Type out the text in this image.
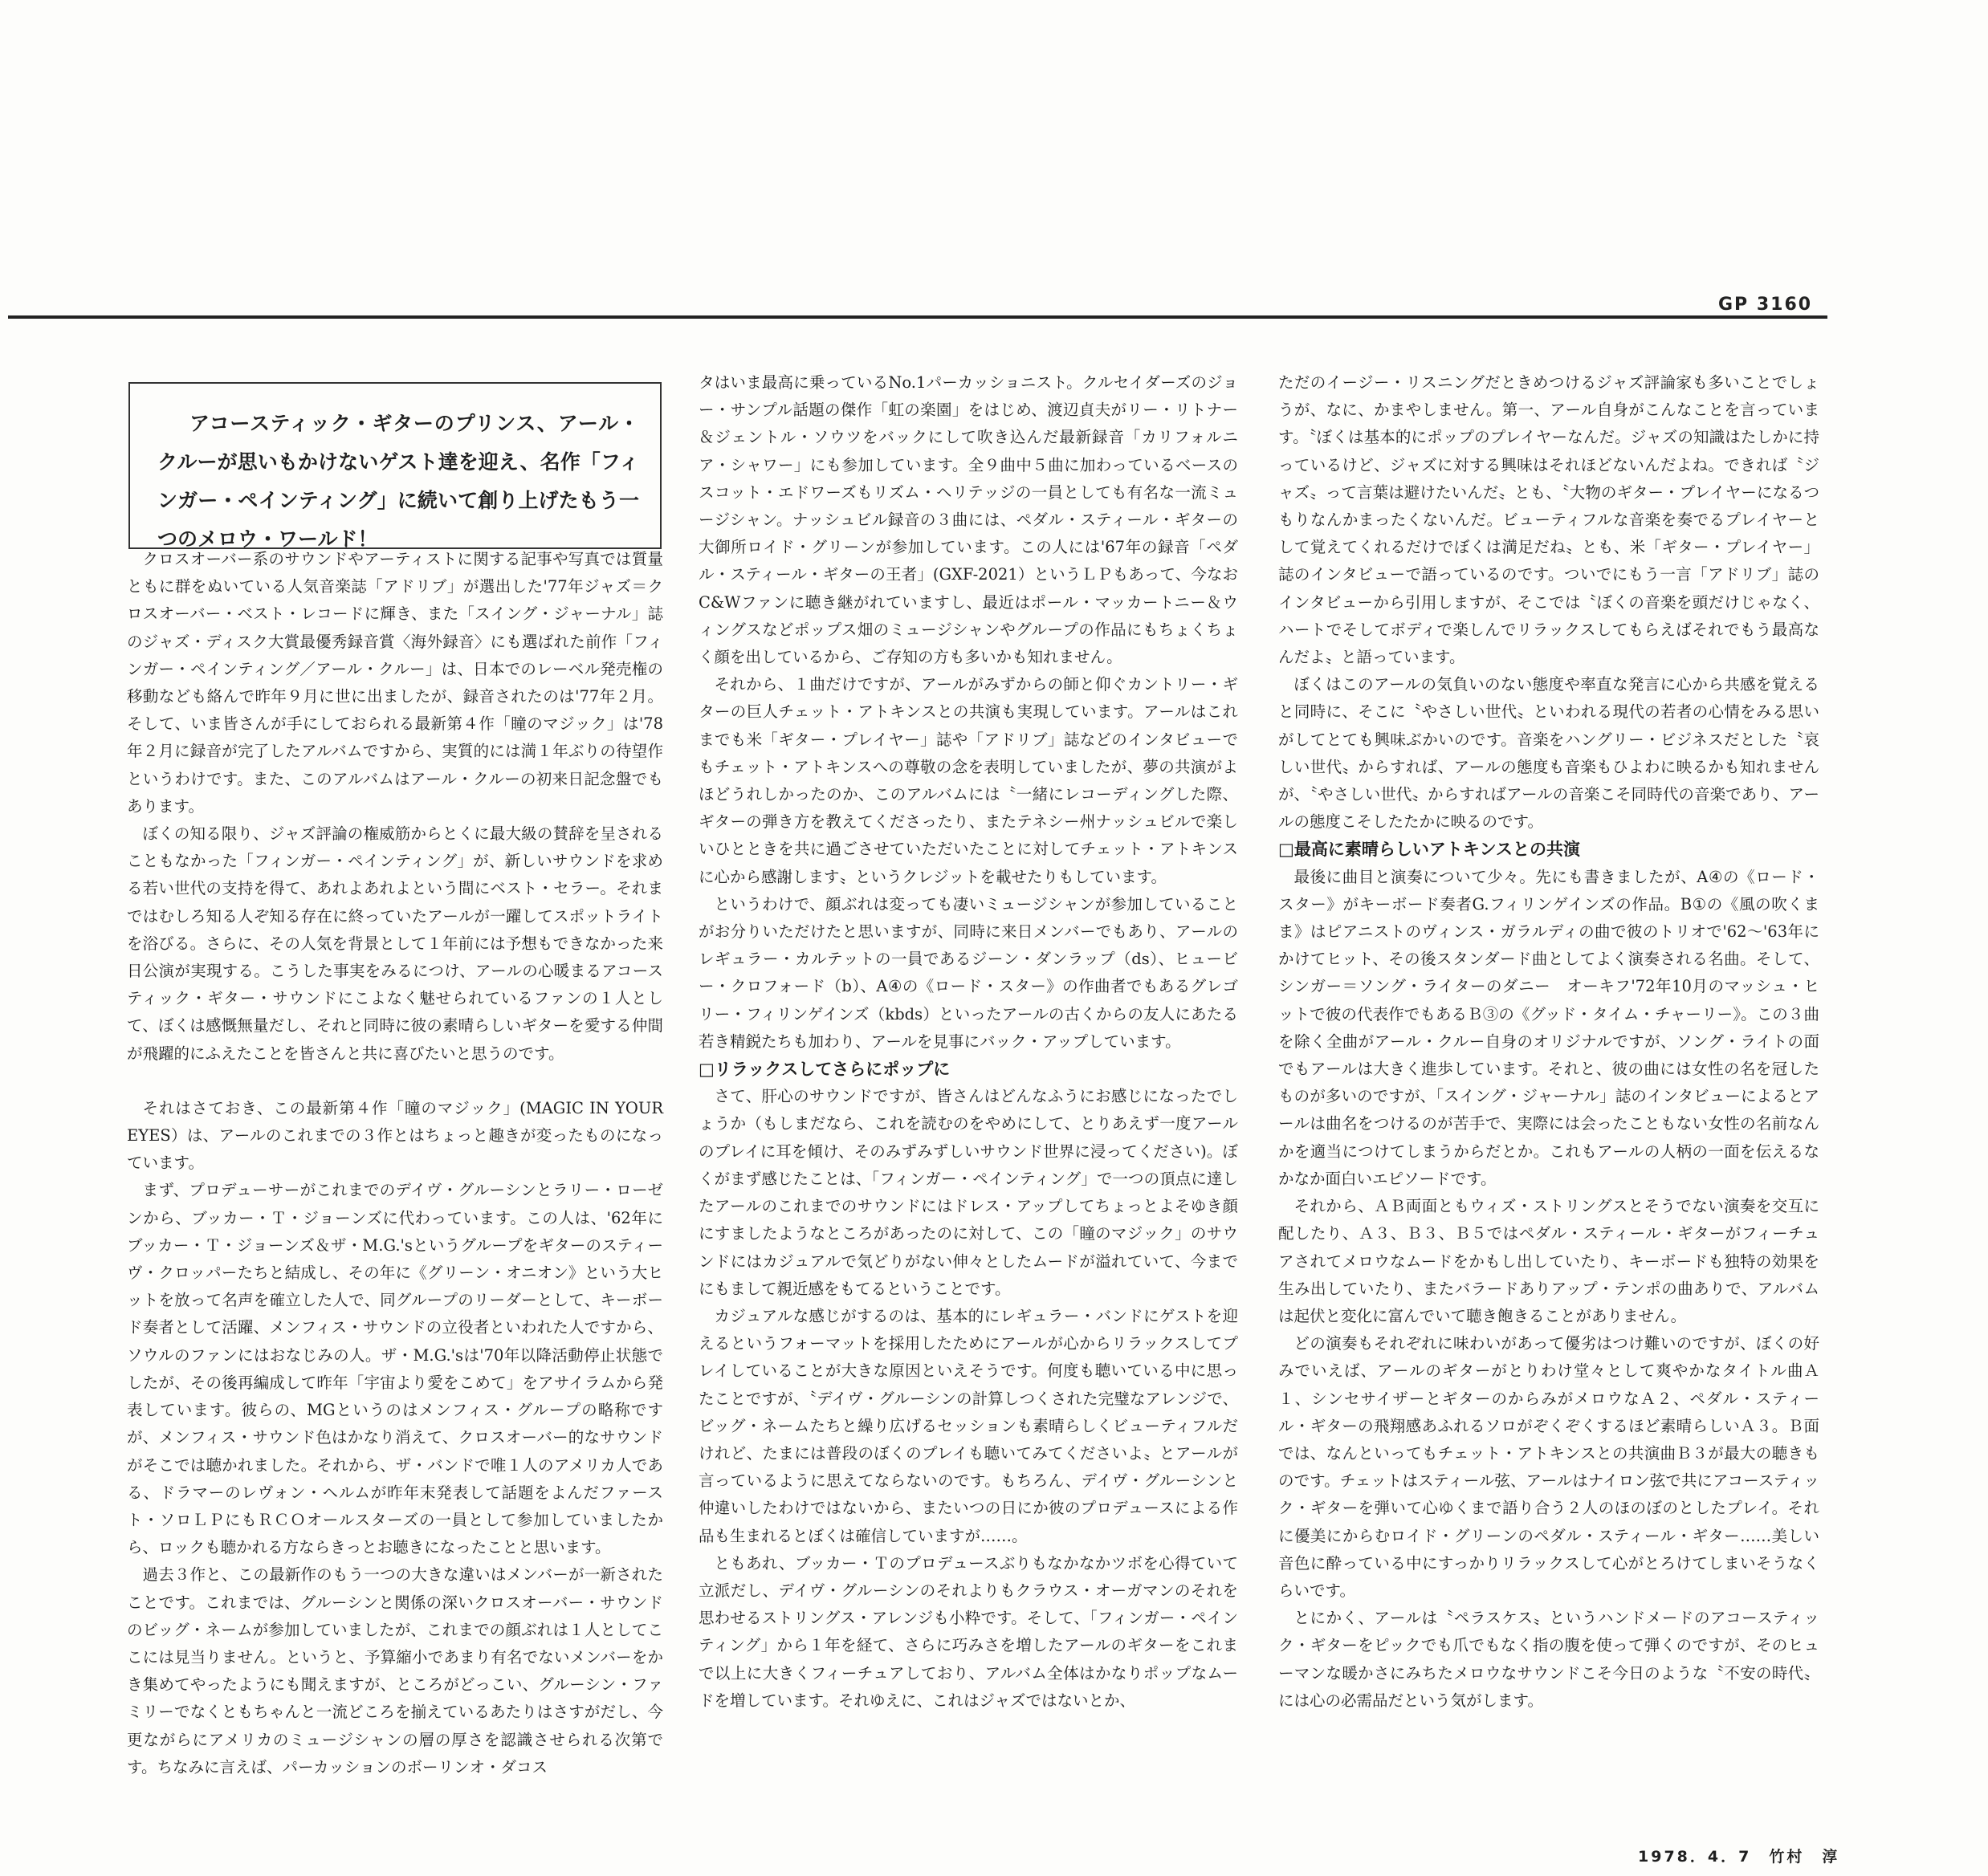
GP 3160

アコースティック・ギターのプリンス、アール・クルーが思いもかけないゲスト達を迎え、名作「フィンガー・ペインティング」に続いて創り上げたもう一つのメロウ・ワールド！

クロスオーバー系のサウンドやアーティストに関する記事や写真では質量ともに群をぬいている人気音楽誌「アドリブ」が選出した'77年ジャズ＝クロスオーバー・ベスト・レコードに輝き、また「スイング・ジャーナル」誌のジャズ・ディスク大賞最優秀録音賞〈海外録音〉にも選ばれた前作「フィンガー・ペインティング／アール・クルー」は、日本でのレーベル発売権の移動なども絡んで昨年９月に世に出ましたが、録音されたのは'77年２月。そして、いま皆さんが手にしておられる最新第４作「瞳のマジック」は'78年２月に録音が完了したアルバムですから、実質的には満１年ぶりの待望作というわけです。また、このアルバムはアール・クルーの初来日記念盤でもあります。

ぼくの知る限り、ジャズ評論の権威筋からとくに最大級の賛辞を呈されることもなかった「フィンガー・ペインティング」が、新しいサウンドを求める若い世代の支持を得て、あれよあれよという間にベスト・セラー。それまではむしろ知る人ぞ知る存在に終っていたアールが一躍してスポットライトを浴びる。さらに、その人気を背景として１年前には予想もできなかった来日公演が実現する。こうした事実をみるにつけ、アールの心暖まるアコースティック・ギター・サウンドにこよなく魅せられているファンの１人として、ぼくは感慨無量だし、それと同時に彼の素晴らしいギターを愛する仲間が飛躍的にふえたことを皆さんと共に喜びたいと思うのです。

それはさておき、この最新第４作「瞳のマジック」(MAGIC IN YOUR EYES）は、アールのこれまでの３作とはちょっと趣きが変ったものになっています。

まず、プロデューサーがこれまでのデイヴ・グルーシンとラリー・ローゼンから、ブッカー・Ｔ・ジョーンズに代わっています。この人は、'62年にブッカー・Ｔ・ジョーンズ＆ザ・M.G.'sというグループをギターのスティーヴ・クロッパーたちと結成し、その年に《グリーン・オニオン》という大ヒットを放って名声を確立した人で、同グループのリーダーとして、キーボード奏者として活躍、メンフィス・サウンドの立役者といわれた人ですから、ソウルのファンにはおなじみの人。ザ・M.G.'sは'70年以降活動停止状態でしたが、その後再編成して昨年「宇宙より愛をこめて」をアサイラムから発表しています。彼らの、MGというのはメンフィス・グループの略称ですが、メンフィス・サウンド色はかなり消えて、クロスオーバー的なサウンドがそこでは聴かれました。それから、ザ・バンドで唯１人のアメリカ人である、ドラマーのレヴォン・ヘルムが昨年末発表して話題をよんだファースト・ソロＬＰにもＲＣＯオールスターズの一員として参加していましたから、ロックも聴かれる方ならきっとお聴きになったことと思います。

過去３作と、この最新作のもう一つの大きな違いはメンバーが一新されたことです。これまでは、グルーシンと関係の深いクロスオーバー・サウンドのビッグ・ネームが参加していましたが、これまでの顔ぶれは１人としてここには見当りません。というと、予算縮小であまり有名でないメンバーをかき集めてやったようにも聞えますが、ところがどっこい、グルーシン・ファミリーでなくともちゃんと一流どころを揃えているあたりはさすがだし、今更ながらにアメリカのミュージシャンの層の厚さを認識させられる次第です。ちなみに言えば、パーカッションのボーリンオ・ダコス

タはいま最高に乗っているNo.1パーカッショニスト。クルセイダーズのジョー・サンプル話題の傑作「虹の楽園」をはじめ、渡辺貞夫がリー・リトナー＆ジェントル・ソウツをバックにして吹き込んだ最新録音「カリフォルニア・シャワー」にも参加しています。全９曲中５曲に加わっているベースのスコット・エドワーズもリズム・ヘリテッジの一員としても有名な一流ミュージシャン。ナッシュビル録音の３曲には、ペダル・スティール・ギターの大御所ロイド・グリーンが参加しています。この人には'67年の録音「ペダル・スティール・ギターの王者」(GXF-2021）というＬＰもあって、今なおC&Wファンに聴き継がれていますし、最近はポール・マッカートニー＆ウィングスなどポップス畑のミュージシャンやグループの作品にもちょくちょく顔を出しているから、ご存知の方も多いかも知れません。

それから、１曲だけですが、アールがみずからの師と仰ぐカントリー・ギターの巨人チェット・アトキンスとの共演も実現しています。アールはこれまでも米「ギター・プレイヤー」誌や「アドリブ」誌などのインタビューでもチェット・アトキンスへの尊敬の念を表明していましたが、夢の共演がよほどうれしかったのか、このアルバムには〝一緒にレコーディングした際、ギターの弾き方を教えてくださったり、またテネシー州ナッシュビルで楽しいひとときを共に過ごさせていただいたことに対してチェット・アトキンスに心から感謝します〟というクレジットを載せたりもしています。

というわけで、顔ぶれは変っても凄いミュージシャンが参加していることがお分りいただけたと思いますが、同時に来日メンバーでもあり、アールのレギュラー・カルテットの一員であるジーン・ダンラップ（ds）、ヒュービー・クロフォード（b）、A④の《ロード・スター》の作曲者でもあるグレゴリー・フィリンゲインズ（kbds）といったアールの古くからの友人にあたる若き精鋭たちも加わり、アールを見事にバック・アップしています。

□リラックスしてさらにポップに

さて、肝心のサウンドですが、皆さんはどんなふうにお感じになったでしょうか（もしまだなら、これを読むのをやめにして、とりあえず一度アールのプレイに耳を傾け、そのみずみずしいサウンド世界に浸ってください)。ぼくがまず感じたことは、「フィンガー・ペインティング」で一つの頂点に達したアールのこれまでのサウンドにはドレス・アップしてちょっとよそゆき顔にすましたようなところがあったのに対して、この「瞳のマジック」のサウンドにはカジュアルで気どりがない伸々としたムードが溢れていて、今までにもまして親近感をもてるということです。

カジュアルな感じがするのは、基本的にレギュラー・バンドにゲストを迎えるというフォーマットを採用したためにアールが心からリラックスしてプレイしていることが大きな原因といえそうです。何度も聴いている中に思ったことですが、〝デイヴ・グルーシンの計算しつくされた完璧なアレンジで、ビッグ・ネームたちと繰り広げるセッションも素晴らしくビューティフルだけれど、たまには普段のぼくのプレイも聴いてみてくださいよ〟とアールが言っているように思えてならないのです。もちろん、デイヴ・グルーシンと仲違いしたわけではないから、またいつの日にか彼のプロデュースによる作品も生まれるとぼくは確信していますが……。

ともあれ、ブッカー・Ｔのプロデュースぶりもなかなかツボを心得ていて立派だし、デイヴ・グルーシンのそれよりもクラウス・オーガマンのそれを思わせるストリングス・アレンジも小粋です。そして、「フィンガー・ペインティング」から１年を経て、さらに巧みさを増したアールのギターをこれまで以上に大きくフィーチュアしており、アルバム全体はかなりポップなムードを増しています。それゆえに、これはジャズではないとか、

ただのイージー・リスニングだときめつけるジャズ評論家も多いことでしょうが、なに、かまやしません。第一、アール自身がこんなことを言っています。〝ぼくは基本的にポップのプレイヤーなんだ。ジャズの知識はたしかに持っているけど、ジャズに対する興味はそれほどないんだよね。できれば〝ジャズ〟って言葉は避けたいんだ〟とも、〝大物のギター・プレイヤーになるつもりなんかまったくないんだ。ビューティフルな音楽を奏でるプレイヤーとして覚えてくれるだけでぼくは満足だね〟とも、米「ギター・プレイヤー」誌のインタビューで語っているのです。ついでにもう一言「アドリブ」誌のインタビューから引用しますが、そこでは〝ぼくの音楽を頭だけじゃなく、ハートでそしてボディで楽しんでリラックスしてもらえばそれでもう最高なんだよ〟と語っています。

ぼくはこのアールの気負いのない態度や率直な発言に心から共感を覚えると同時に、そこに〝やさしい世代〟といわれる現代の若者の心情をみる思いがしてとても興味ぶかいのです。音楽をハングリー・ビジネスだとした〝哀しい世代〟からすれば、アールの態度も音楽もひよわに映るかも知れませんが、〝やさしい世代〟からすればアールの音楽こそ同時代の音楽であり、アールの態度こそしたたかに映るのです。

□最高に素晴らしいアトキンスとの共演

最後に曲目と演奏について少々。先にも書きましたが、A④の《ロード・スター》がキーボード奏者G.フィリンゲインズの作品。B①の《風の吹くまま》はピアニストのヴィンス・ガラルディの曲で彼のトリオで'62〜'63年にかけてヒット、その後スタンダード曲としてよく演奏される名曲。そして、シンガー＝ソング・ライターのダニー　オーキフ'72年10月のマッシュ・ヒットで彼の代表作でもあるＢ③の《グッド・タイム・チャーリー》。この３曲を除く全曲がアール・クルー自身のオリジナルですが、ソング・ライトの面でもアールは大きく進歩しています。それと、彼の曲には女性の名を冠したものが多いのですが、「スイング・ジャーナル」誌のインタビューによるとアールは曲名をつけるのが苦手で、実際には会ったこともない女性の名前なんかを適当につけてしまうからだとか。これもアールの人柄の一面を伝えるなかなか面白いエピソードです。

それから、ＡＢ両面ともウィズ・ストリングスとそうでない演奏を交互に配したり、Ａ３、Ｂ３、Ｂ５ではペダル・スティール・ギターがフィーチュアされてメロウなムードをかもし出していたり、キーボードも独特の効果を生み出していたり、またバラードありアップ・テンポの曲ありで、アルバムは起伏と変化に富んでいて聴き飽きることがありません。

どの演奏もそれぞれに味わいがあって優劣はつけ難いのですが、ぼくの好みでいえば、アールのギターがとりわけ堂々として爽やかなタイトル曲Ａ１、シンセサイザーとギターのからみがメロウなＡ２、ペダル・スティール・ギターの飛翔感あふれるソロがぞくぞくするほど素晴らしいＡ３。Ｂ面では、なんといってもチェット・アトキンスとの共演曲Ｂ３が最大の聴きものです。チェットはスティール弦、アールはナイロン弦で共にアコースティック・ギターを弾いて心ゆくまで語り合う２人のほのぼのとしたプレイ。それに優美にからむロイド・グリーンのペダル・スティール・ギター……美しい音色に酔っている中にすっかりリラックスして心がとろけてしまいそうなくらいです。

とにかく、アールは〝ペラスケス〟というハンドメードのアコースティック・ギターをピックでも爪でもなく指の腹を使って弾くのですが、そのヒューマンな暖かさにみちたメロウなサウンドこそ今日のような〝不安の時代〟には心の必需品だという気がします。

1978．4．7　竹村　淳
